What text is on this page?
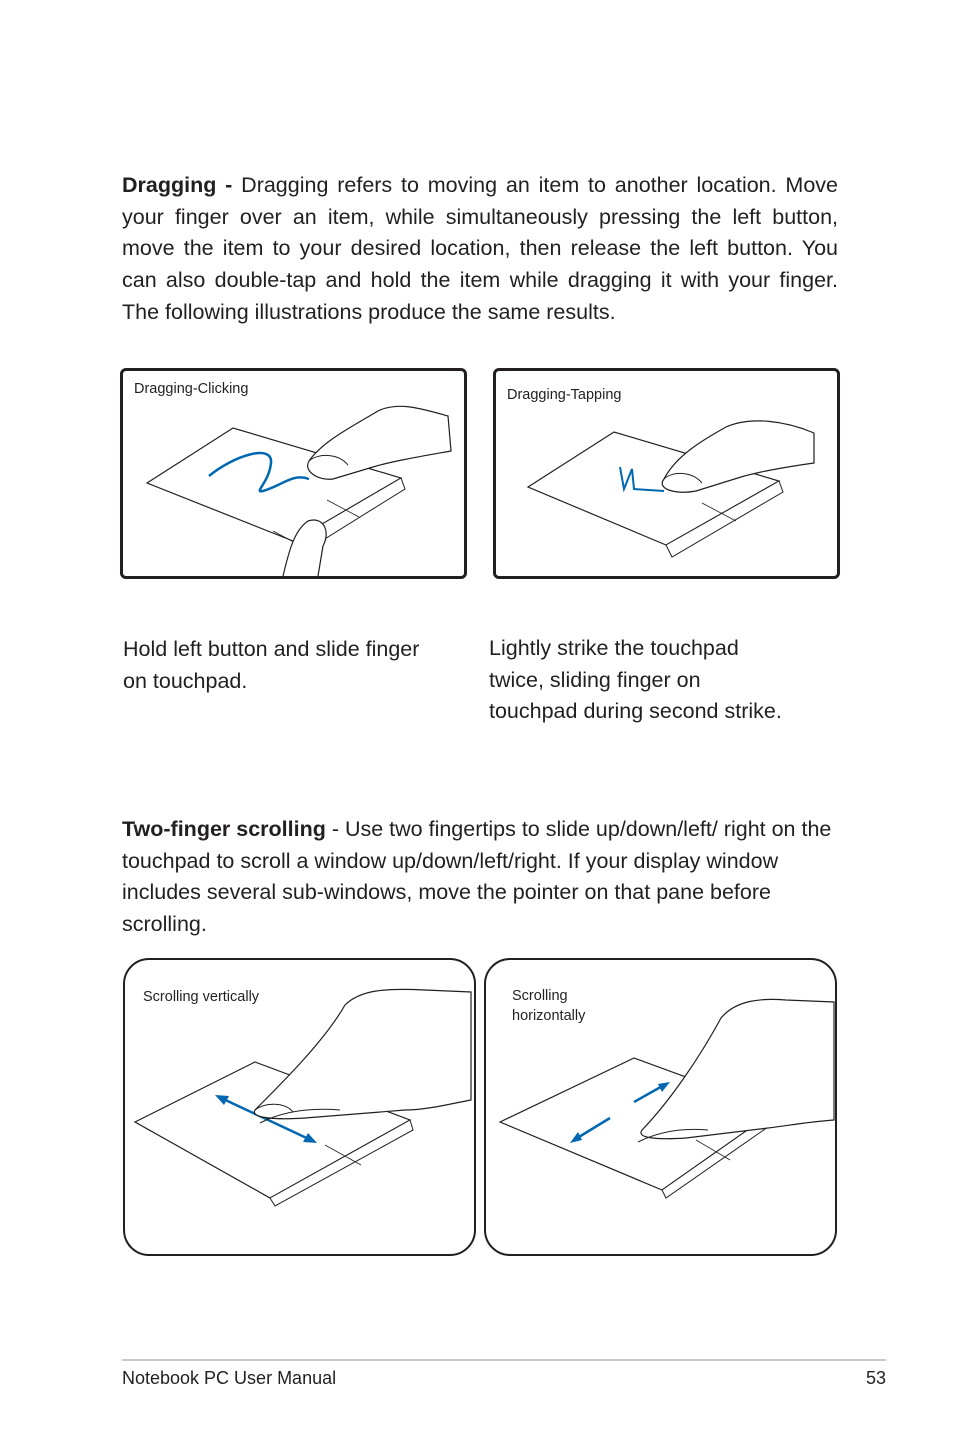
Dragging - Dragging refers to moving an item to another location. Move your finger over an item, while simultaneously pressing the left button, move the item to your desired location, then release the left button. You can also double-tap and hold the item while dragging it with your finger. The following illustrations produce the same results.
Dragging-Clicking	Dragging-Tapping
Hold left button and slide finger on touchpad.
Lightly strike the touchpad twice, sliding finger on touchpad during second strike.
Two-finger scrolling - Use two fingertips to slide up/down/left/ right on the touchpad to scroll a window up/down/left/right. If your display window includes several sub-windows, move the pointer on that pane before scrolling.
Scrolling vertically	Scrolling
horizontally
Notebook PC User Manual	53
